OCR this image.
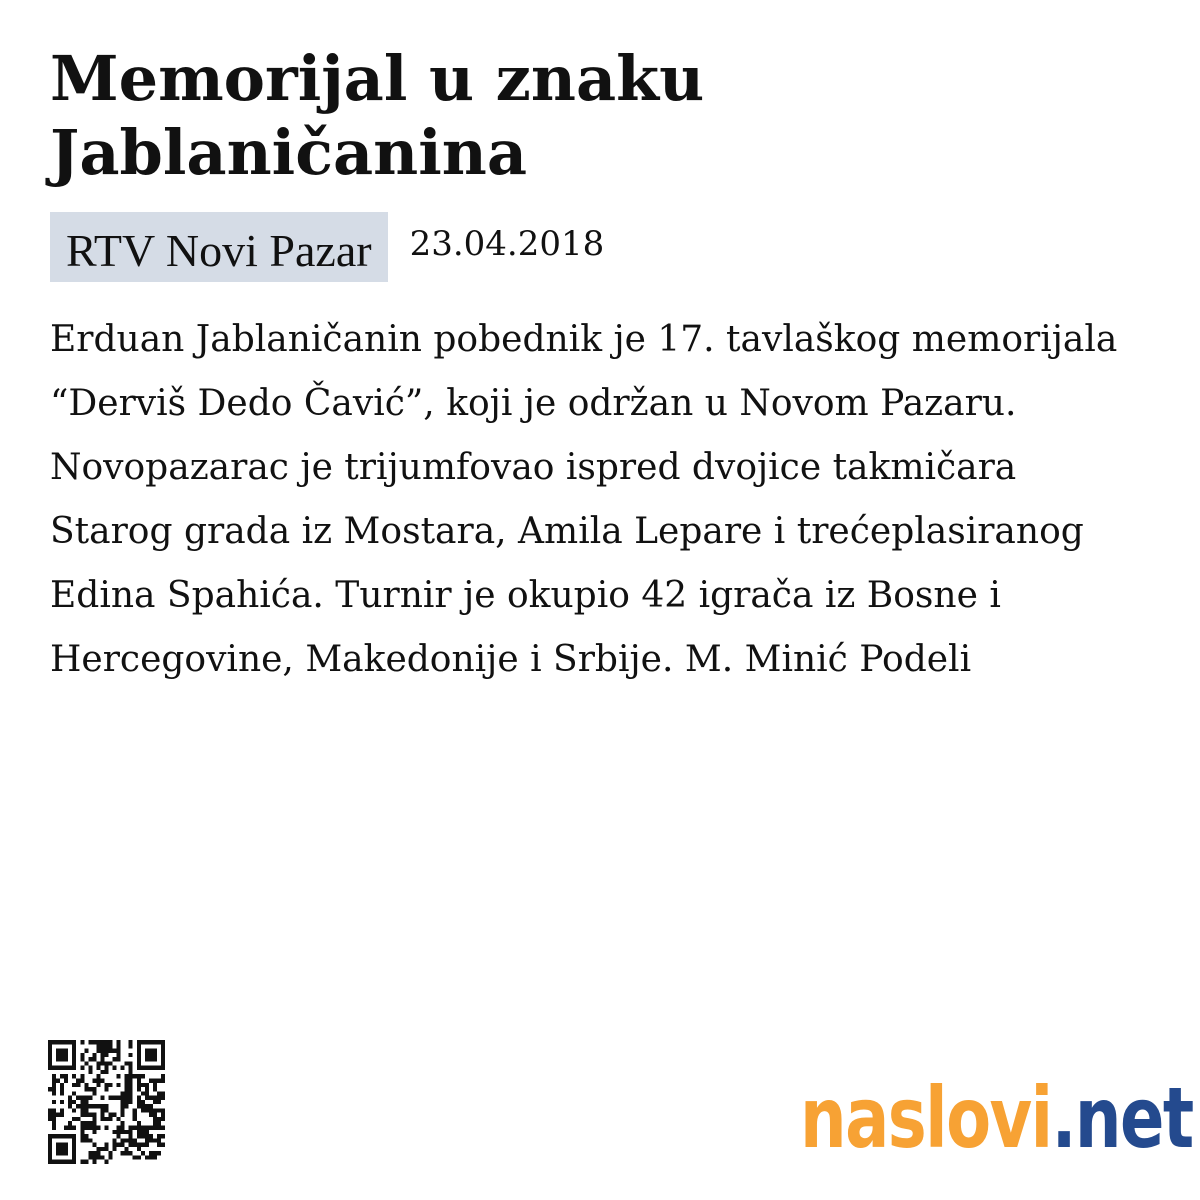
Memorijal u znaku Jablaničanina
RTV Novi Pazar	23.04.2018

Erduan Jablaničanin pobednik je 17. tavlaškog memorijala “Derviš Dedo Čavić”, koji je održan u Novom Pazaru. Novopazarac je trijumfovao ispred dvojice takmičara Starog grada iz Mostara, Amila Lepare i trećeplasiranog Edina Spahića. Turnir je okupio 42 igrača iz Bosne i Hercegovine, Makedonije i Srbije. M. Minić Podeli

naslovi.net
